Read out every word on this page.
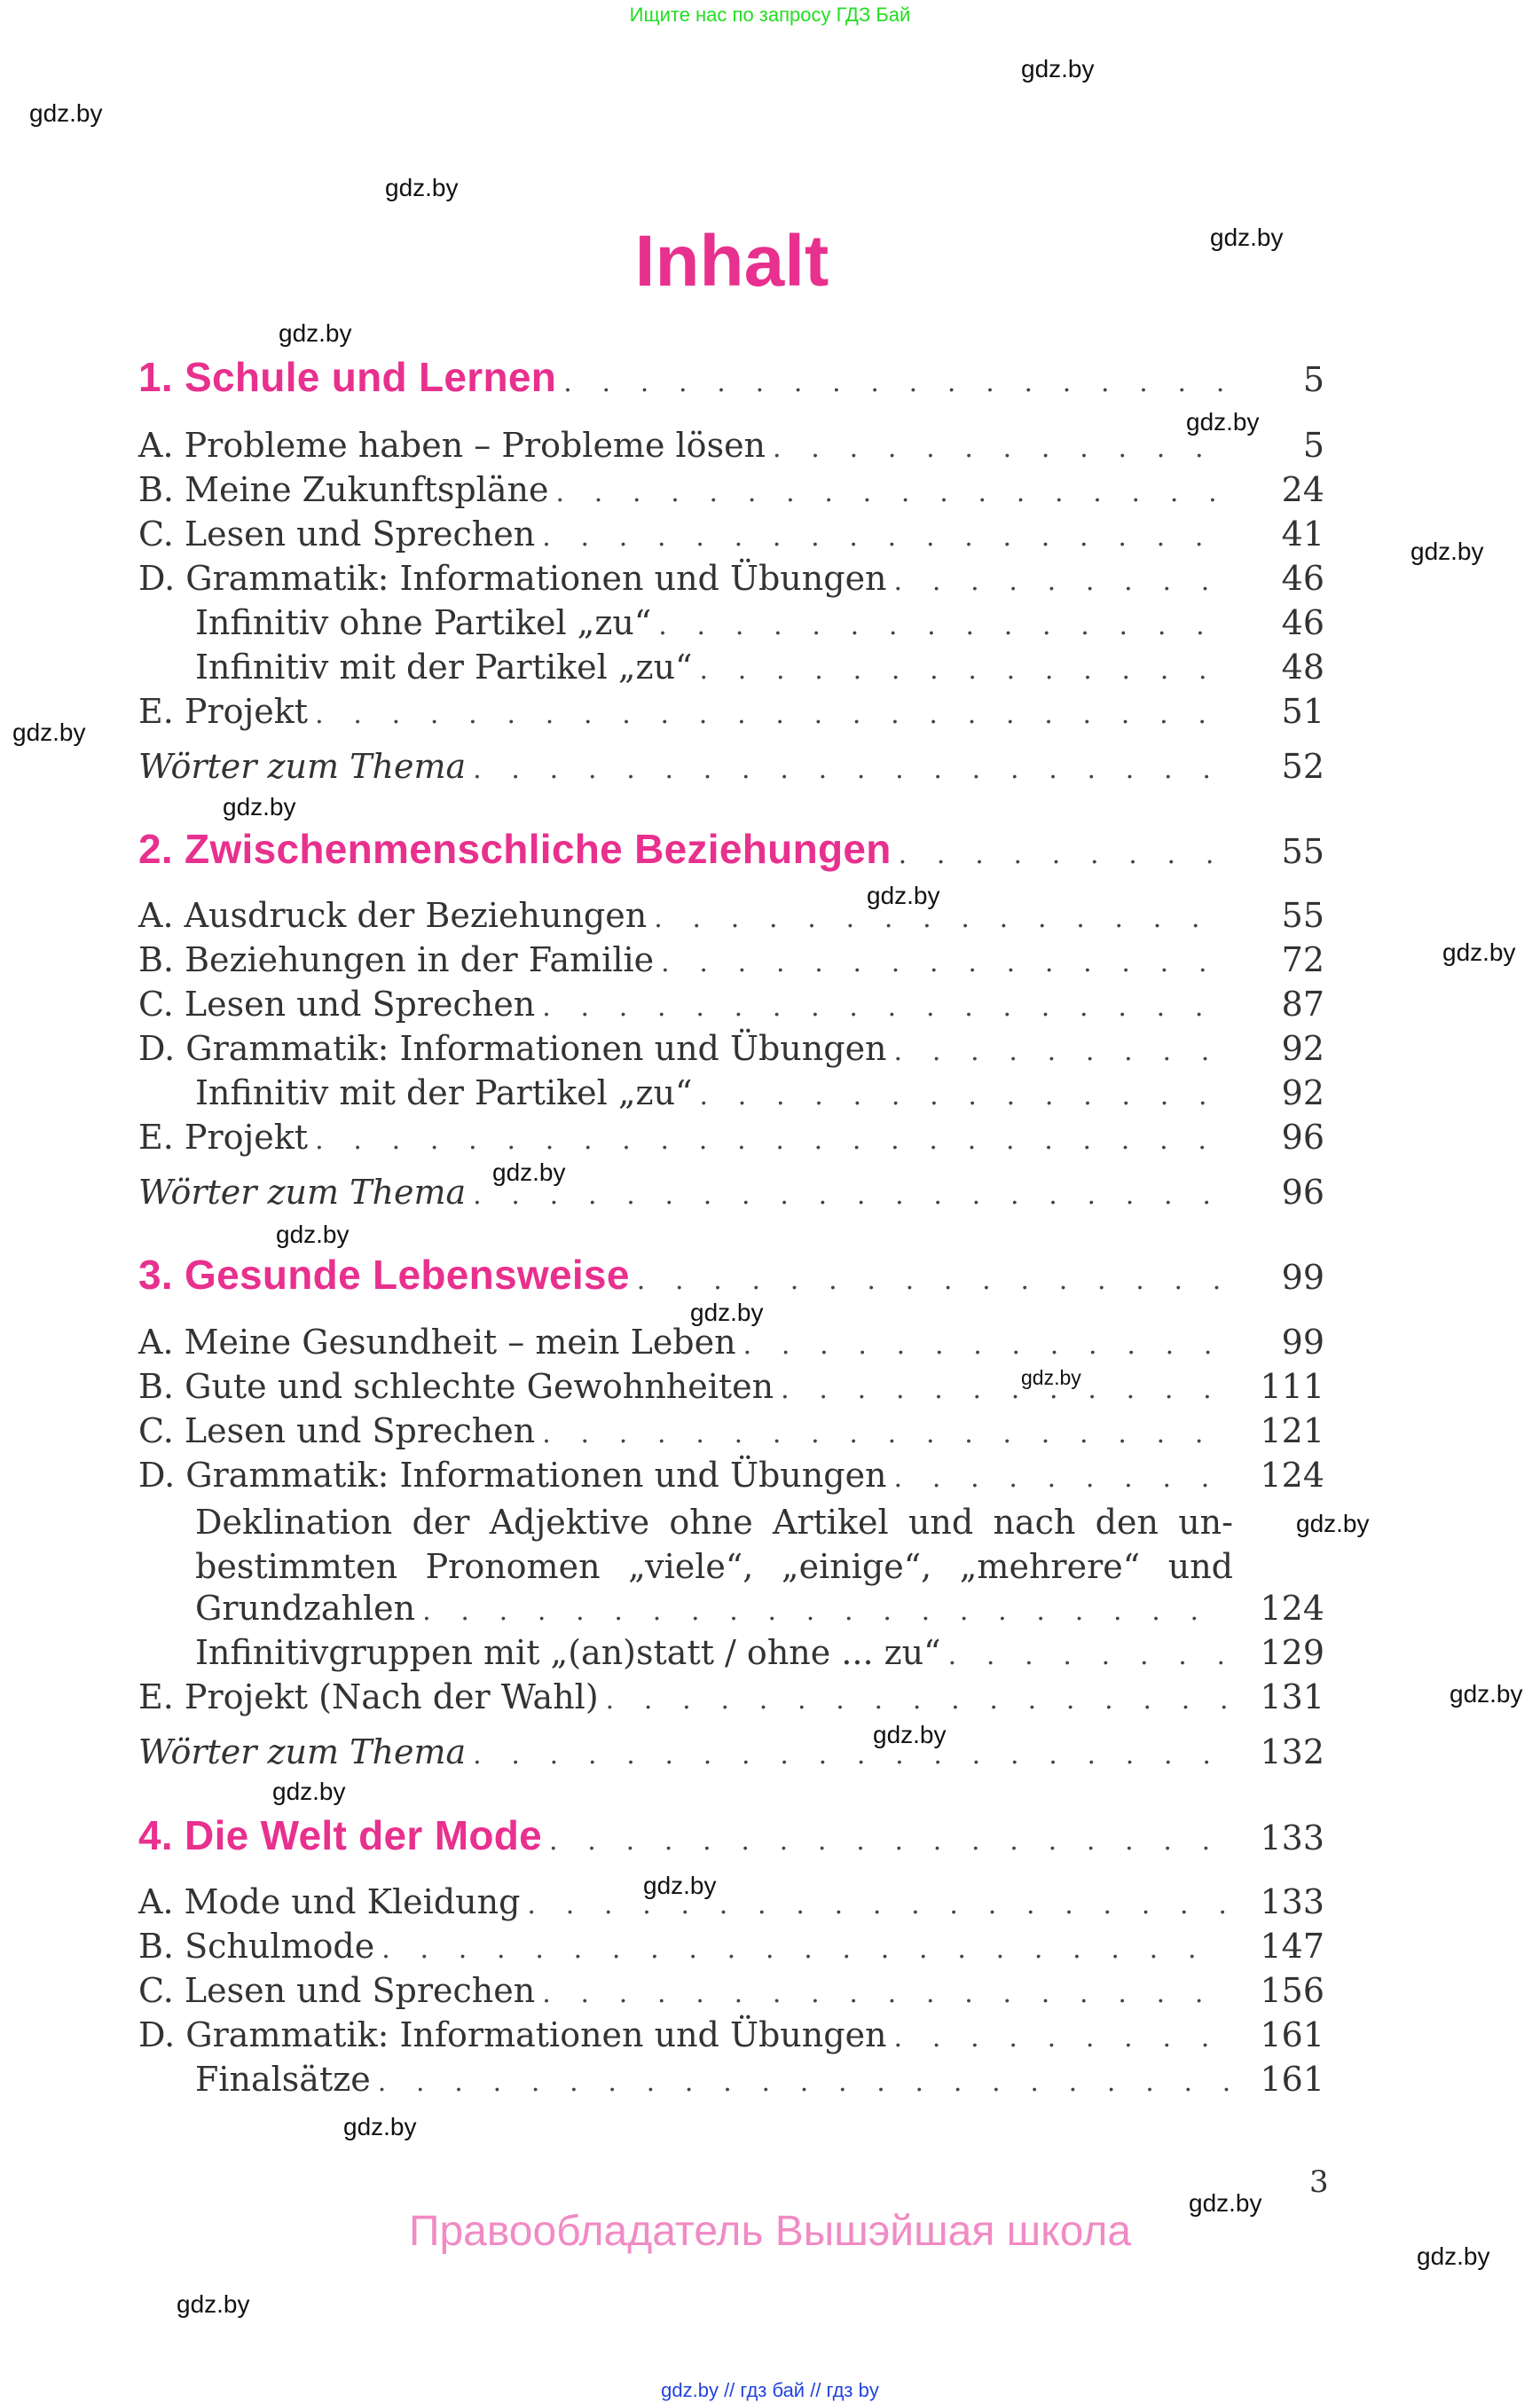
Ищите нас по запросу ГДЗ Бай
gdz.by
gdz.by
gdz.by
gdz.by
gdz.by
gdz.by
gdz.by
gdz.by
gdz.by
gdz.by
gdz.by
gdz.by
gdz.by
gdz.by
gdz.by
gdz.by
gdz.by
gdz.by
gdz.by
gdz.by
gdz.by
gdz.by
gdz.by
gdz.by
Inhalt
1. Schule und Lernen . . .	5
A. Probleme haben – Probleme lösen . . .	5
B. Meine Zukunftspläne . . .	24
C. Lesen und Sprechen . . .	41
D. Grammatik: Informationen und Übungen . . .	46
Infinitiv ohne Partikel „zu“ . . .	46
Infinitiv mit der Partikel „zu“ . . .	48
E. Projekt . . .	51
Wörter zum Thema . . .	52
2. Zwischenmenschliche Beziehungen . . .	55
A. Ausdruck der Beziehungen . . .	55
B. Beziehungen in der Familie . . .	72
C. Lesen und Sprechen . . .	87
D. Grammatik: Informationen und Übungen . . .	92
Infinitiv mit der Partikel „zu“ . . .	92
E. Projekt . . .	96
Wörter zum Thema . . .	96
3. Gesunde Lebensweise . . .	99
A. Meine Gesundheit – mein Leben . . .	99
B. Gute und schlechte Gewohnheiten . . .	111
C. Lesen und Sprechen . . .	121
D. Grammatik: Informationen und Übungen . . .	124
Deklination der Adjektive ohne Artikel und nach den un-
bestimmten Pronomen „viele“, „einige“, „mehrere“ und
Grundzahlen . . .	124
Infinitivgruppen mit „(an)statt / ohne ... zu“ . . .	129
E. Projekt (Nach der Wahl) . . .	131
Wörter zum Thema . . .	132
4. Die Welt der Mode . . .	133
A. Mode und Kleidung . . .	133
B. Schulmode . . .	147
C. Lesen und Sprechen . . .	156
D. Grammatik: Informationen und Übungen . . .	161
Finalsätze . . .	161
3
Правообладатель Вышэйшая школа
gdz.by // гдз бай // гдз by
